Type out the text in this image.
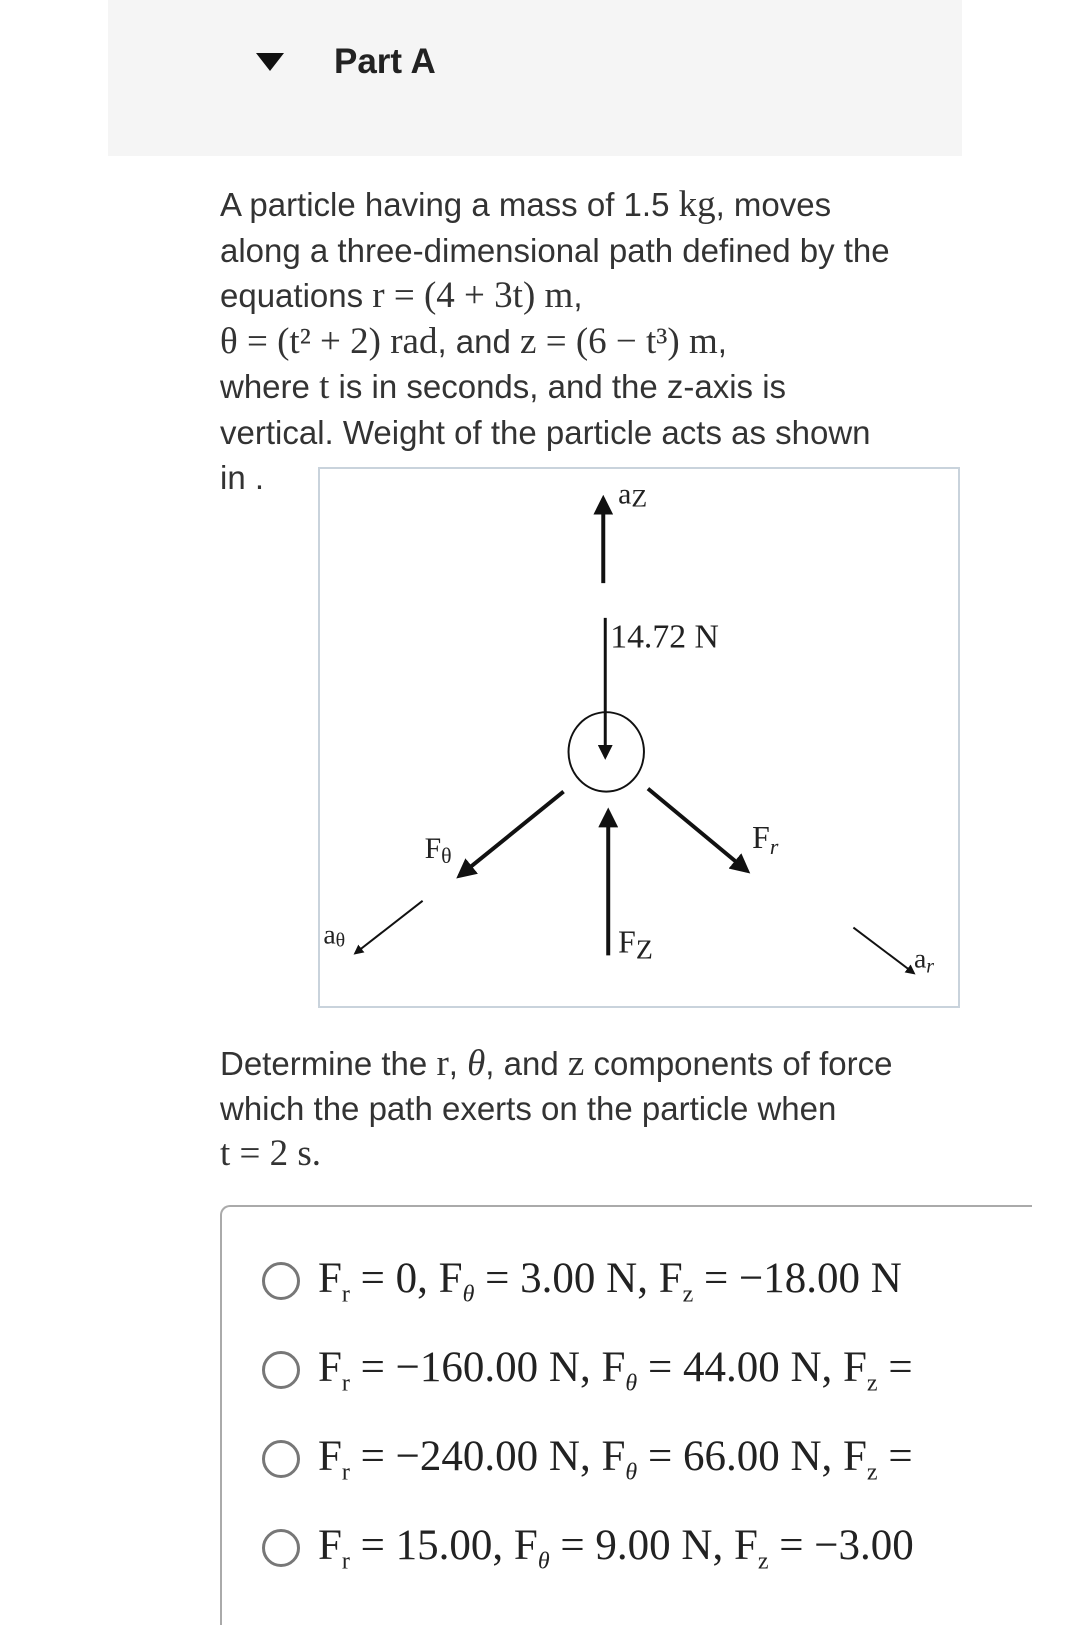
Part A
A particle having a mass of 1.5 kg, moves
along a three-dimensional path defined by the
equations r = (4 + 3t) m,
θ = (t² + 2) rad, and z = (6 − t³) m,
where t is in seconds, and the z-axis is
vertical. Weight of the particle acts as shown
in .	aZ
14.72 N
Fθ
Fr
FZ
aθ
ar
Determine the r, θ, and z components of force
which the path exerts on the particle when
t = 2 s.
$F_r = 0$, $F_\theta = 3.00$ N, $F_z = -18.00$ N
$F_r = -160.00$ N, $F_\theta = 44.00$ N, $F_z$ =
$F_r = -240.00$ N, $F_\theta = 66.00$ N, $F_z$ =
$F_r = 15.00$, $F_\theta = 9.00$ N, $F_z = -3.00$
